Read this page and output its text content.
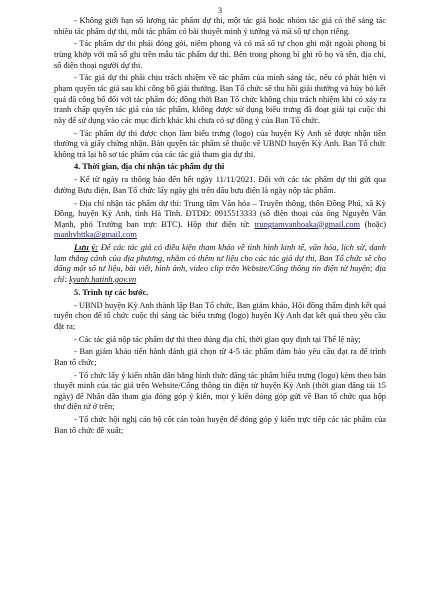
3

- Không giới hạn số lượng tác phẩm dự thi, một tác giả hoặc nhóm tác giả có thể sáng tác nhiều tác phẩm dự thi, mỗi tác phẩm có bài thuyết minh ý tưởng và mã số tự chọn riêng.

- Tác phẩm dự thi phải đóng gói, niêm phong và có mã số tự chọn ghi mặt ngoài phong bì trùng khớp với mã số ghi trên mẫu tác phẩm dự thi. Bên trong phong bì ghi rõ họ và tên, địa chỉ, số điện thoại người dự thi.

- Tác giả dự thi phải chịu trách nhiệm về tác phẩm của mình sáng tác, nếu có phát hiện vi phạm quyền tác giả sau khi công bố giải thưởng. Ban Tổ chức sẽ thu hồi giải thưởng và hủy bỏ kết quả đã công bố đối với tác phẩm đó; đồng thời Ban Tổ chức không chịu trách nhiệm khi có xảy ra tranh chấp quyền tác giả của tác phẩm, không được sử dụng biểu trưng đã đoạt giải tại cuộc thi này để sử dụng vào các mục đích khác khi chưa có sự đồng ý của Ban Tổ chức.

- Tác phẩm dự thi được chọn làm biểu trưng (logo) của huyện Kỳ Anh sẽ được nhận tiền thưởng và giấy chứng nhận. Bản quyền tác phẩm sẽ thuộc về UBND huyện Kỳ Anh. Ban Tổ chức không trả lại hồ sơ tác phẩm của các tác giả tham gia dự thi.

4. Thời gian, địa chỉ nhận tác phẩm dự thi

- Kể từ ngày ra thông báo đến hết ngày 11/11/2021. Đối với các tác phẩm dự thi gửi qua đường Bưu điện, Ban Tổ chức lấy ngày ghi trên dấu bưu điện là ngày nộp tác phẩm.

- Địa chỉ nhận tác phẩm dự thi: Trung tâm Văn hóa – Truyền thông, thôn Đồng Phú, xã Kỳ Đồng, huyện Kỳ Anh, tỉnh Hà Tĩnh. ĐTDĐ: 0915513333 (số điện thoại của ông Nguyễn Văn Mạnh, phó Trưởng ban trực BTC). Hộp thư điện tử: trungtamvanhoaka@gmail.com (hoặc) manhvhttka@gmail.com

Lưu ý: Để các tác giả có điều kiện tham khảo về tình hình kinh tế, văn hóa, lịch sử, danh lam thắng cảnh của địa phương, nhằm có thêm tư liệu cho các tác giả dự thi, Ban Tổ chức sẽ cho đăng một số tư liệu, bài viết, hình ảnh, video clip trên Website/Cổng thông tin điện tử huyện; địa chỉ: kyanh.hatinh.gov.vn

5. Trình tự các bước.

- UBND huyện Kỳ Anh thành lập Ban Tổ chức, Ban giám khảo, Hội đồng thẩm định kết quả tuyển chọn để tổ chức cuộc thi sáng tác biểu trưng (logo) huyện Kỳ Anh đạt kết quả theo yêu cầu đặt ra;

- Các tác giả nộp tác phẩm dự thi theo đúng địa chỉ, thời gian quy định tại Thể lệ này;

- Ban giám khảo tiến hành đánh giá chọn từ 4-5 tác phẩm đảm bảo yêu cầu đạt ra để trình Ban tổ chức;

- Tổ chức lấy ý kiến nhân dân bằng hình thức đăng tác phẩm biểu trưng (logo) kèm theo bản thuyết minh của tác giả trên Website/Cổng thông tin điện tử huyện Kỳ Anh (thời gian đăng tải 15 ngày) để Nhân dân tham gia đóng góp ý kiến, mọi ý kiến đóng góp gửi về Ban tổ chức qua hộp thư điện tử ở trên;

- Tổ chức hội nghị cán bộ cốt cán toàn huyện để đóng góp ý kiến trực tiếp các tác phẩm của Ban tổ chức đề xuất;
